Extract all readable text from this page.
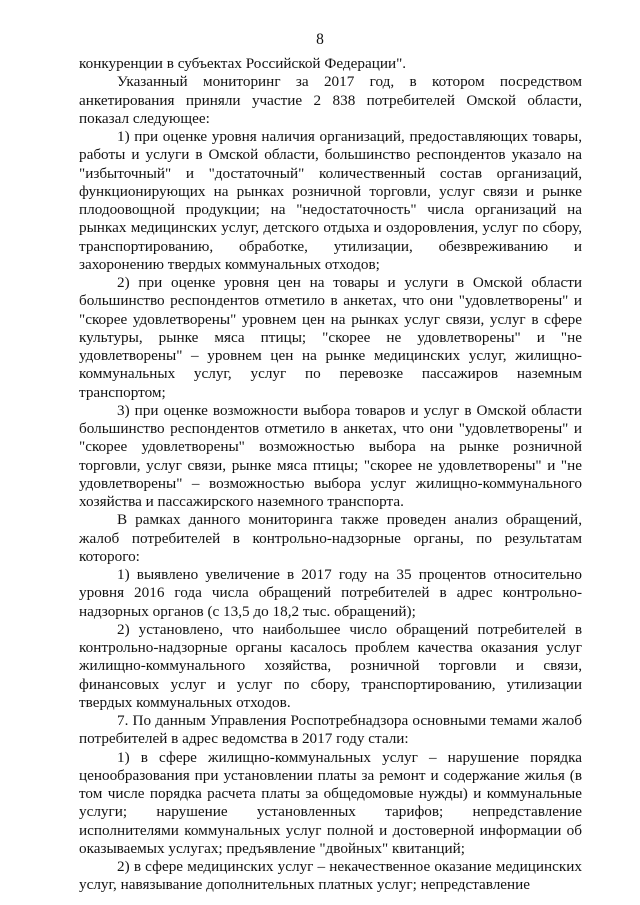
8

конкуренции в субъектах Российской Федерации".

Указанный мониторинг за 2017 год, в котором посредством анкетирования приняли участие 2 838 потребителей Омской области, показал следующее:

1) при оценке уровня наличия организаций, предоставляющих товары, работы и услуги в Омской области, большинство респондентов указало на "избыточный" и "достаточный" количественный состав организаций, функционирующих на рынках розничной торговли, услуг связи и рынке плодоовощной продукции; на "недостаточность" числа организаций на рынках медицинских услуг, детского отдыха и оздоровления, услуг по сбору, транспортированию, обработке, утилизации, обезвреживанию и захоронению твердых коммунальных отходов;

2) при оценке уровня цен на товары и услуги в Омской области большинство респондентов отметило в анкетах, что они "удовлетворены" и "скорее удовлетворены" уровнем цен на рынках услуг связи, услуг в сфере культуры, рынке мяса птицы; "скорее не удовлетворены" и "не удовлетворены" – уровнем цен на рынке медицинских услуг, жилищно-коммунальных услуг, услуг по перевозке пассажиров наземным транспортом;

3) при оценке возможности выбора товаров и услуг в Омской области большинство респондентов отметило в анкетах, что они "удовлетворены" и "скорее удовлетворены" возможностью выбора на рынке розничной торговли, услуг связи, рынке мяса птицы; "скорее не удовлетворены" и "не удовлетворены" – возможностью выбора услуг жилищно-коммунального хозяйства и пассажирского наземного транспорта.

В рамках данного мониторинга также проведен анализ обращений, жалоб потребителей в контрольно-надзорные органы, по результатам которого:

1) выявлено увеличение в 2017 году на 35 процентов относительно уровня 2016 года числа обращений потребителей в адрес контрольно-надзорных органов (с 13,5 до 18,2 тыс. обращений);

2) установлено, что наибольшее число обращений потребителей в контрольно-надзорные органы касалось проблем качества оказания услуг жилищно-коммунального хозяйства, розничной торговли и связи, финансовых услуг и услуг по сбору, транспортированию, утилизации твердых коммунальных отходов.

7. По данным Управления Роспотребнадзора основными темами жалоб потребителей в адрес ведомства в 2017 году стали:

1) в сфере жилищно-коммунальных услуг – нарушение порядка ценообразования при установлении платы за ремонт и содержание жилья (в том числе порядка расчета платы за общедомовые нужды) и коммунальные услуги; нарушение установленных тарифов; непредставление исполнителями коммунальных услуг полной и достоверной информации об оказываемых услугах; предъявление "двойных" квитанций;

2) в сфере медицинских услуг – некачественное оказание медицинских услуг, навязывание дополнительных платных услуг; непредставление
